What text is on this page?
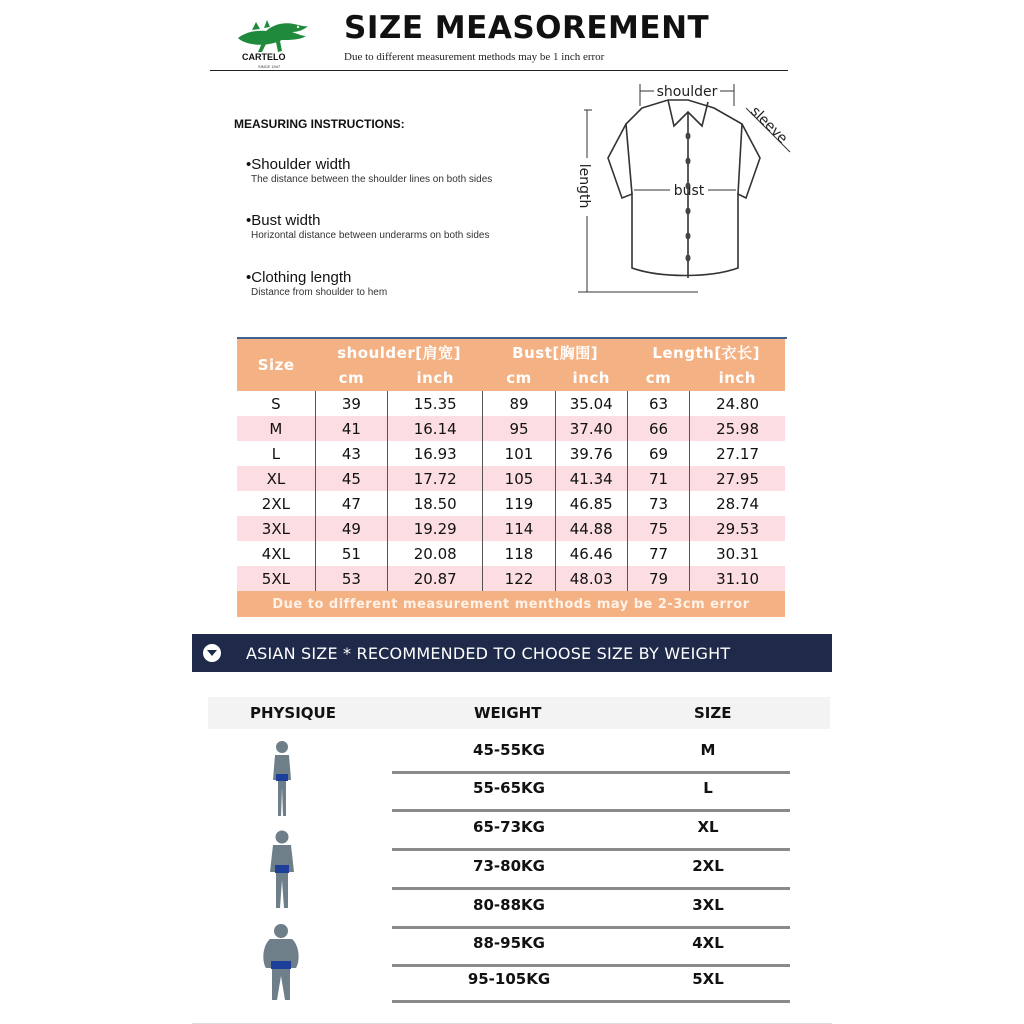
CARTELO
SINCE 1947
SIZE MEASOREMENT
Due to different measurement methods may be 1 inch error
MEASURING INSTRUCTIONS:
•Shoulder width
The distance between the shoulder lines on both sides
•Bust width
Horizontal distance between underarms on both sides
•Clothing length
Distance from shoulder to hem
shoulder
bust
length
sleeve
Size	shoulder[肩宽]		Bust[胸围]		Length[衣长]	
	cm	inch	cm	inch	cm	inch
S	39	15.35	89	35.04	63	24.80
M	41	16.14	95	37.40	66	25.98
L	43	16.93	101	39.76	69	27.17
XL	45	17.72	105	41.34	71	27.95
2XL	47	18.50	119	46.85	73	28.74
3XL	49	19.29	114	44.88	75	29.53
4XL	51	20.08	118	46.46	77	30.31
5XL	53	20.87	122	48.03	79	31.10
Due to different measurement menthods may be 2-3cm error						
ASIAN SIZE * RECOMMENDED TO CHOOSE SIZE BY WEIGHT
PHYSIQUE	WEIGHT	SIZE
45-55KG	M
55-65KG	L
65-73KG	XL
73-80KG	2XL
80-88KG	3XL
88-95KG	4XL
95-105KG	5XL
